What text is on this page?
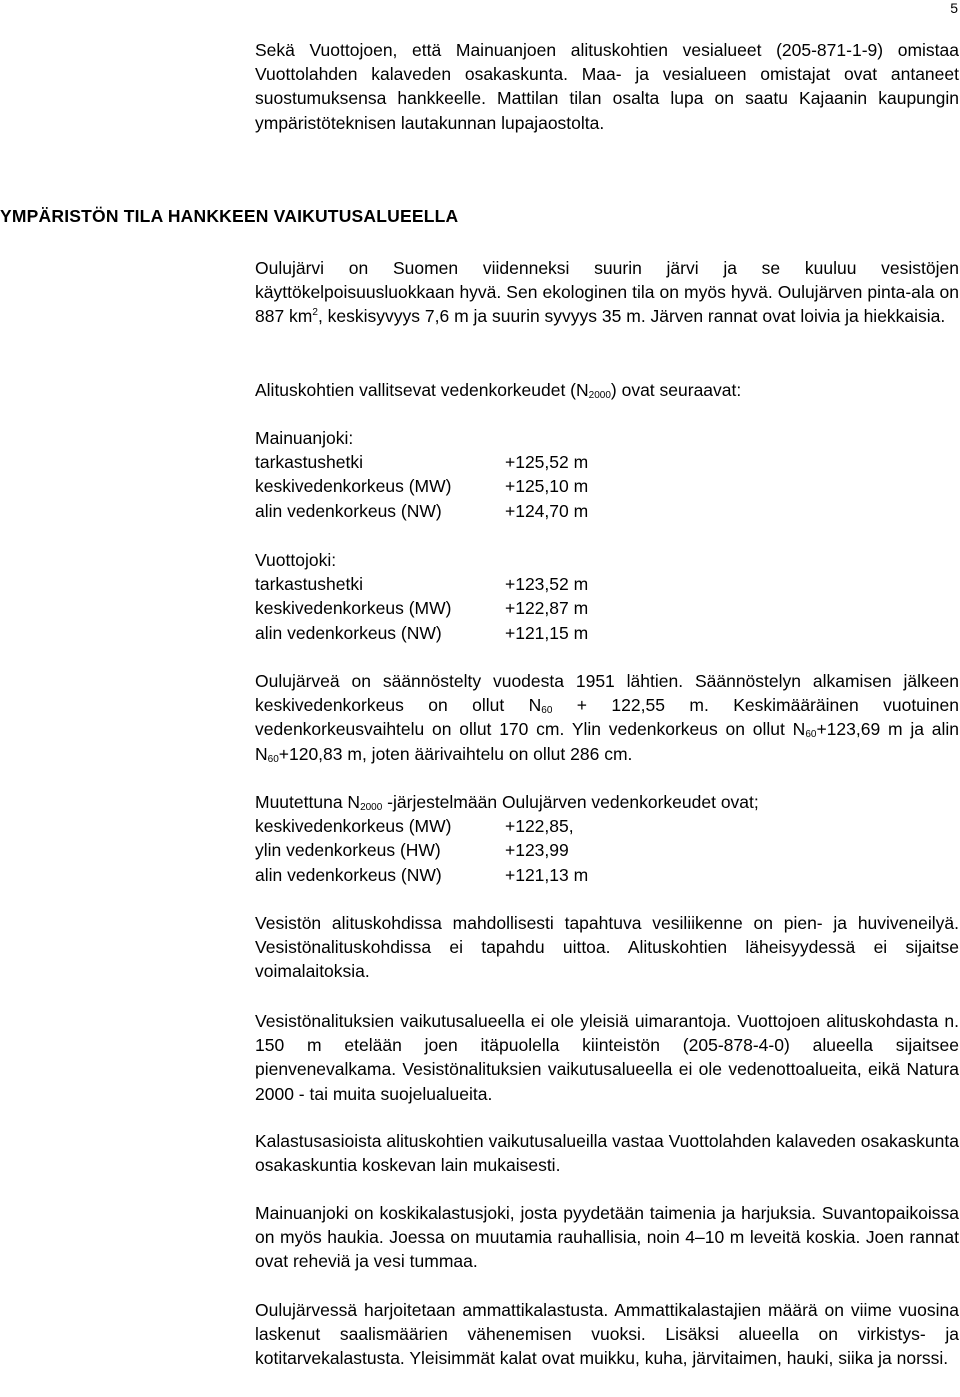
5

Sekä Vuottojoen, että Mainuanjoen alituskohtien vesialueet (205-871-1-9) omistaa Vuottolahden kalaveden osakaskunta. Maa- ja vesialueen omistajat ovat antaneet suostumuksensa hankkeelle. Mattilan tilan osalta lupa on saatu Kajaanin kaupungin ympäristöteknisen lautakunnan lupajaostolta.

YMPÄRISTÖN TILA HANKKEEN VAIKUTUSALUEELLA

Oulujärvi on Suomen viidenneksi suurin järvi ja se kuuluu vesistöjen käyttökelpoisuusluokkaan hyvä. Sen ekologinen tila on myös hyvä. Oulujärven pinta-ala on 887 $km^2$, keskisyvyys 7,6 m ja suurin syvyys 35 m. Järven rannat ovat loivia ja hiekkaisia.

Alituskohtien vallitsevat vedenkorkeudet $(N_{2000})$ ovat seuraavat:

Mainuanjoki:

tarkastushetki	+125,52 m
keskivedenkorkeus (MW)	+125,10 m
alin vedenkorkeus (NW)	+124,70 m

Vuottojoki:

tarkastushetki	+123,52 m
keskivedenkorkeus (MW)	+122,87 m
alin vedenkorkeus (NW)	+121,15 m

Oulujärveä on säännöstelty vuodesta 1951 lähtien. Säännöstelyn alkamisen jälkeen keskivedenkorkeus on ollut $N_{60} + 122,55$ m. Keskimääräinen vuotuinen vedenkorkeusvaihtelu on ollut 170 cm. Ylin vedenkorkeus on ollut $N_{60}+123,69$ m ja alin $N_{60}+120,83$ m, joten äärivaihtelu on ollut 286 cm.

Muutettuna $N_{2000}$ -järjestelmään Oulujärven vedenkorkeudet ovat;

keskivedenkorkeus (MW)	+122,85,
ylin vedenkorkeus (HW)	+123,99
alin vedenkorkeus (NW)	+121,13 m

Vesistön alituskohdissa mahdollisesti tapahtuva vesiliikenne on pien- ja huviveneilyä. Vesistönalituskohdissa ei tapahdu uittoa. Alituskohtien läheisyydessä ei sijaitse voimalaitoksia.

Vesistönalituksien vaikutusalueella ei ole yleisiä uimarantoja. Vuottojoen alituskohdasta n. 150 m etelään joen itäpuolella kiinteistön (205-878-4-0) alueella sijaitsee pienvenevalkama. Vesistönalituksien vaikutusalueella ei ole vedenottoalueita, eikä Natura 2000 - tai muita suojelualueita.

Kalastusasioista alituskohtien vaikutusalueilla vastaa Vuottolahden kalaveden osakaskunta osakaskuntia koskevan lain mukaisesti.

Mainuanjoki on koskikalastusjoki, josta pyydetään taimenia ja harjuksia. Suvantopaikoissa on myös haukia. Joessa on muutamia rauhallisia, noin 4–10 m leveitä koskia. Joen rannat ovat reheviä ja vesi tummaa.

Oulujärvessä harjoitetaan ammattikalastusta. Ammattikalastajien määrä on viime vuosina laskenut saalismäärien vähenemisen vuoksi. Lisäksi alueella on virkistys- ja kotitarvekalastusta. Yleisimmät kalat ovat muikku, kuha, järvitaimen, hauki, siika ja norssi.
